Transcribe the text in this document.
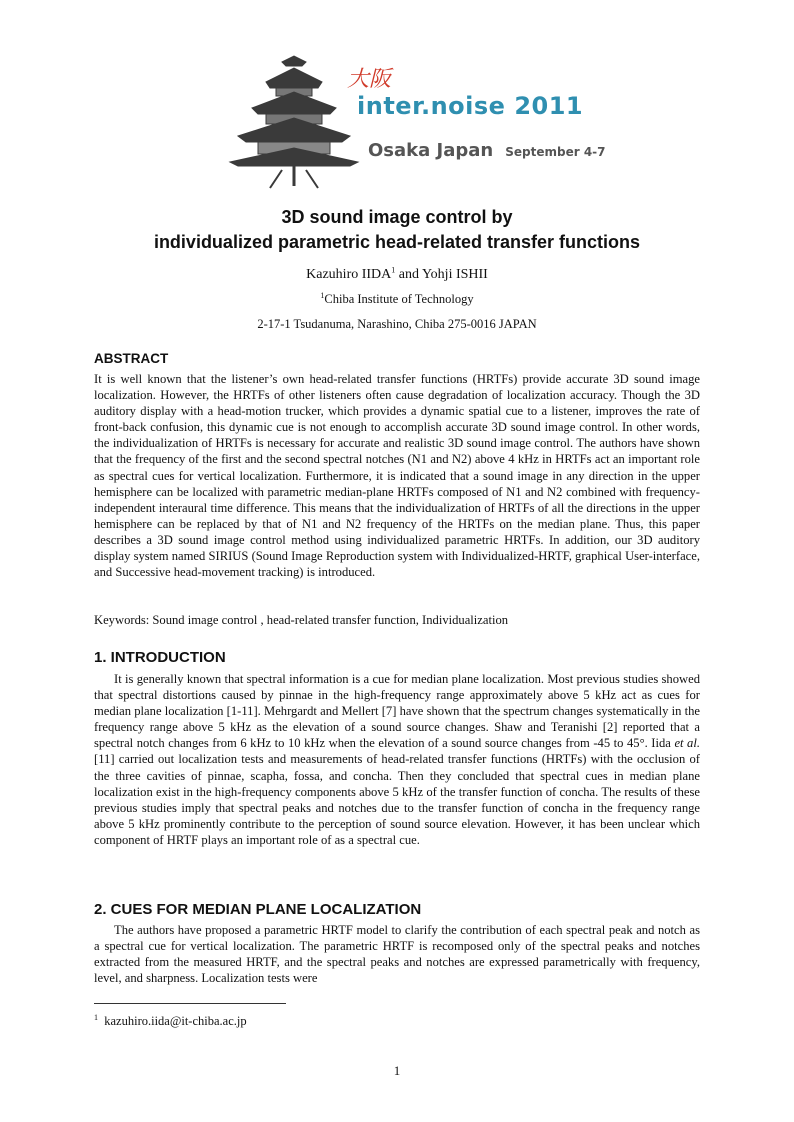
大阪
inter.noise 2011
Osaka Japan September 4-7
3D sound image control by
individualized parametric head-related transfer functions
Kazuhiro IIDA$^1$ and Yohji ISHII
$^1$Chiba Institute of Technology
2-17-1 Tsudanuma, Narashino, Chiba 275-0016 JAPAN
ABSTRACT

It is well known that the listener’s own head-related transfer functions (HRTFs) provide accurate 3D sound image localization. However, the HRTFs of other listeners often cause degradation of localization accuracy. Though the 3D auditory display with a head-motion trucker, which provides a dynamic spatial cue to a listener, improves the rate of front-back confusion, this dynamic cue is not enough to accomplish accurate 3D sound image control. In other words, the individualization of HRTFs is necessary for accurate and realistic 3D sound image control. The authors have shown that the frequency of the first and the second spectral notches (N1 and N2) above 4 kHz in HRTFs act an important role as spectral cues for vertical localization. Furthermore, it is indicated that a sound image in any direction in the upper hemisphere can be localized with parametric median-plane HRTFs composed of N1 and N2 combined with frequency-independent interaural time difference. This means that the individualization of HRTFs of all the directions in the upper hemisphere can be replaced by that of N1 and N2 frequency of the HRTFs on the median plane. Thus, this paper describes a 3D sound image control method using individualized parametric HRTFs. In addition, our 3D auditory display system named SIRIUS (Sound Image Reproduction system with Individualized-HRTF, graphical User-interface, and Successive head-movement tracking) is introduced.

Keywords: Sound image control , head-related transfer function, Individualization

1. INTRODUCTION

It is generally known that spectral information is a cue for median plane localization. Most previous studies showed that spectral distortions caused by pinnae in the high-frequency range approximately above 5 kHz act as cues for median plane localization [1-11]. Mehrgardt and Mellert [7] have shown that the spectrum changes systematically in the frequency range above 5 kHz as the elevation of a sound source changes. Shaw and Teranishi [2] reported that a spectral notch changes from 6 kHz to 10 kHz when the elevation of a sound source changes from -45 to 45°. Iida et al. [11] carried out localization tests and measurements of head-related transfer functions (HRTFs) with the occlusion of the three cavities of pinnae, scapha, fossa, and concha. Then they concluded that spectral cues in median plane localization exist in the high-frequency components above 5 kHz of the transfer function of concha. The results of these previous studies imply that spectral peaks and notches due to the transfer function of concha in the frequency range above 5 kHz prominently contribute to the perception of sound source elevation. However, it has been unclear which component of HRTF plays an important role of as a spectral cue.

2. CUES FOR MEDIAN PLANE LOCALIZATION

The authors have proposed a parametric HRTF model to clarify the contribution of each spectral peak and notch as a spectral cue for vertical localization. The parametric HRTF is recomposed only of the spectral peaks and notches extracted from the measured HRTF, and the spectral peaks and notches are expressed parametrically with frequency, level, and sharpness. Localization tests were

$^1$ kazuhiro.iida@it-chiba.ac.jp
1
